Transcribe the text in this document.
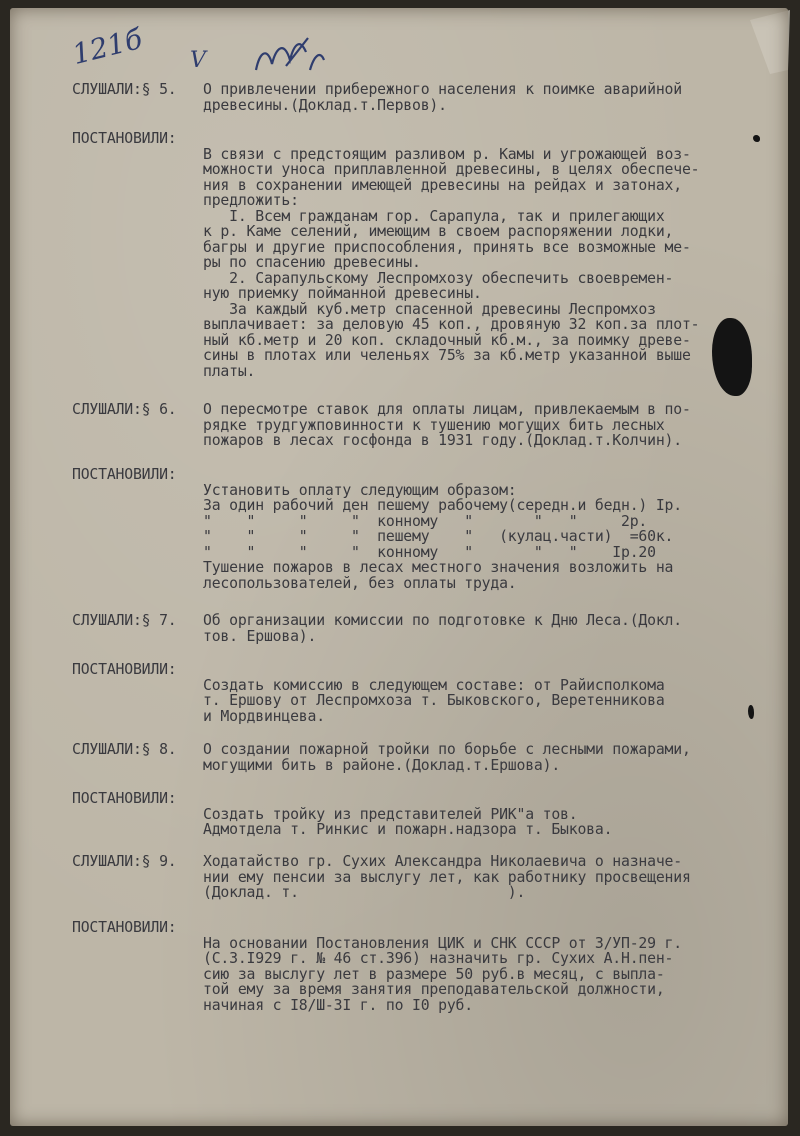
121б V
СЛУШАЛИ:§ 5. О привлечении прибережного населения к поимке аварийной
древесины.(Доклад.т.Первов).
ПОСТАНОВИЛИ:

В связи с предстоящим разливом р. Камы и угрожающей воз-
можности уноса приплавленной древесины, в целях обеспече-
ния в сохранении имеющей древесины на рейдах и затонах,
предложить:
I. Всем гражданам гор. Сарапула, так и прилегающих
к р. Каме селений, имеющим в своем распоряжении лодки,
багры и другие приспособления, принять все возможные ме-
ры по спасению древесины.
2. Сарапульскому Леспромхозу обеспечить своевремен-
ную приемку пойманной древесины.
За каждый куб.метр спасенной древесины Леспромхоз
выплачивает: за деловую 45 коп., дровяную 32 коп.за плот-
ный кб.метр и 20 коп. складочный кб.м., за поимку древе-
сины в плотах или челеньях 75% за кб.метр указанной выше
платы.

СЛУШАЛИ:§ 6. О пересмотре ставок для оплаты лицам, привлекаемым в по-
рядке трудгужповинности к тушению могущих бить лесных
пожаров в лесах госфонда в 1931 году.(Доклад.т.Колчин).
ПОСТАНОВИЛИ:

Установить оплату следующим образом:
За один рабочий ден пешему рабочему(середн.и бедн.) Ip.
"    "     "     "  конному   "       "   "     2р.
"    "     "     "  пешему    "   (кулац.части)  =60к.
"    "     "     "  конному   "       "   "    Iр.20
Тушение пожаров в лесах местного значения возложить на
лесопользователей, без оплаты труда.

СЛУШАЛИ:§ 7. Об организации комиссии по подготовке к Дню Леса.(Докл.
тов. Ершова).
ПОСТАНОВИЛИ:

Создать комиссию в следующем составе: от Райисполкома
т. Ершову от Леспромхоза т. Быковского, Веретенникова
и Мордвинцева.

СЛУШАЛИ:§ 8. О создании пожарной тройки по борьбе с лесными пожарами,
могущими бить в районе.(Доклад.т.Ершова).
ПОСТАНОВИЛИ:

Создать тройку из представителей РИК"а тов.
Адмотдела т. Ринкис и пожарн.надзора т. Быкова.

СЛУШАЛИ:§ 9. Ходатайство гр. Сухих Александра Николаевича о назначе-
нии ему пенсии за выслугу лет, как работнику просвещения
(Доклад. т.                        ).
ПОСТАНОВИЛИ:

На основании Постановления ЦИК и СНК СССР от 3/УП-29 г.
(С.З.I929 г. № 46 ст.396) назначить гр. Сухих А.Н.пен-
сию за выслугу лет в размере 50 руб.в месяц, с выпла-
той ему за время занятия преподавательской должности,
начиная с I8/Ш-3I г. по I0 руб.
